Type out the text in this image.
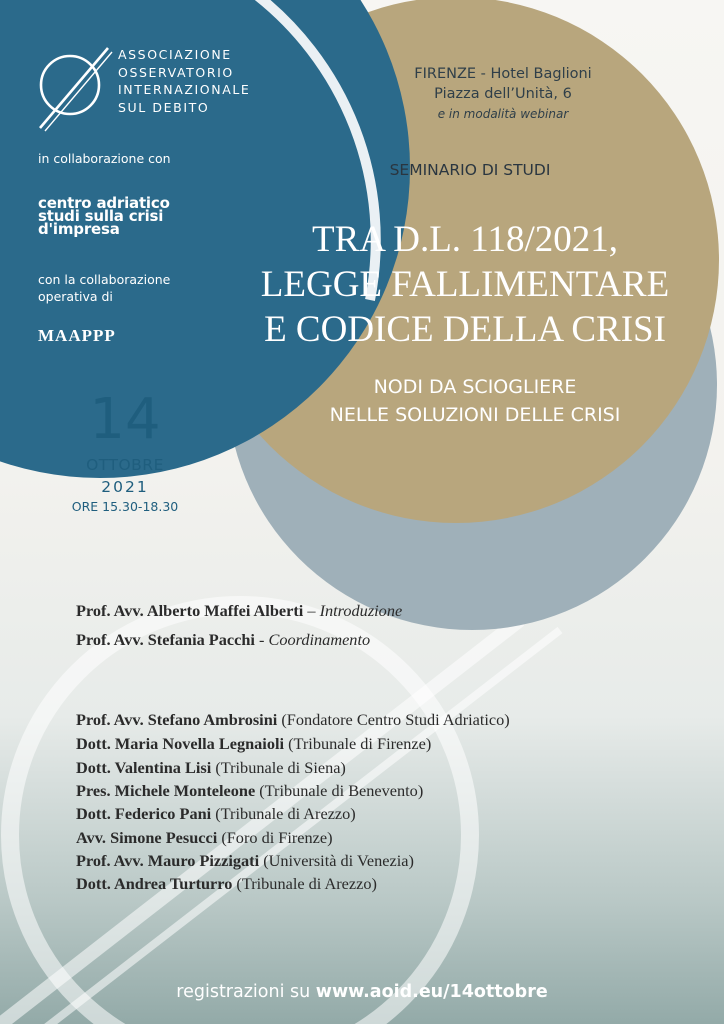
ASSOCIAZIONE
OSSERVATORIO
INTERNAZIONALE
SUL DEBITO
in collaborazione con
centro adriatico
studi sulla crisi
d'impresa
con la collaborazione
operativa di
MAAPPP
FIRENZE - Hotel Baglioni
Piazza dell’Unità, 6
e in modalità webinar
SEMINARIO DI STUDI
TRA D.L. 118/2021,
LEGGE FALLIMENTARE
E CODICE DELLA CRISI
NODI DA SCIOGLIERE
NELLE SOLUZIONI DELLE CRISI
14
OTTOBRE
2021
ORE 15.30-18.30
Prof. Avv. Alberto Maffei Alberti – Introduzione
Prof. Avv. Stefania Pacchi - Coordinamento
Prof. Avv. Stefano Ambrosini (Fondatore Centro Studi Adriatico)
Dott. Maria Novella Legnaioli (Tribunale di Firenze)
Dott. Valentina Lisi (Tribunale di Siena)
Pres. Michele Monteleone (Tribunale di Benevento)
Dott. Federico Pani (Tribunale di Arezzo)
Avv. Simone Pesucci (Foro di Firenze)
Prof. Avv. Mauro Pizzigati (Università di Venezia)
Dott. Andrea Turturro (Tribunale di Arezzo)
registrazioni su www.aoid.eu/14ottobre
